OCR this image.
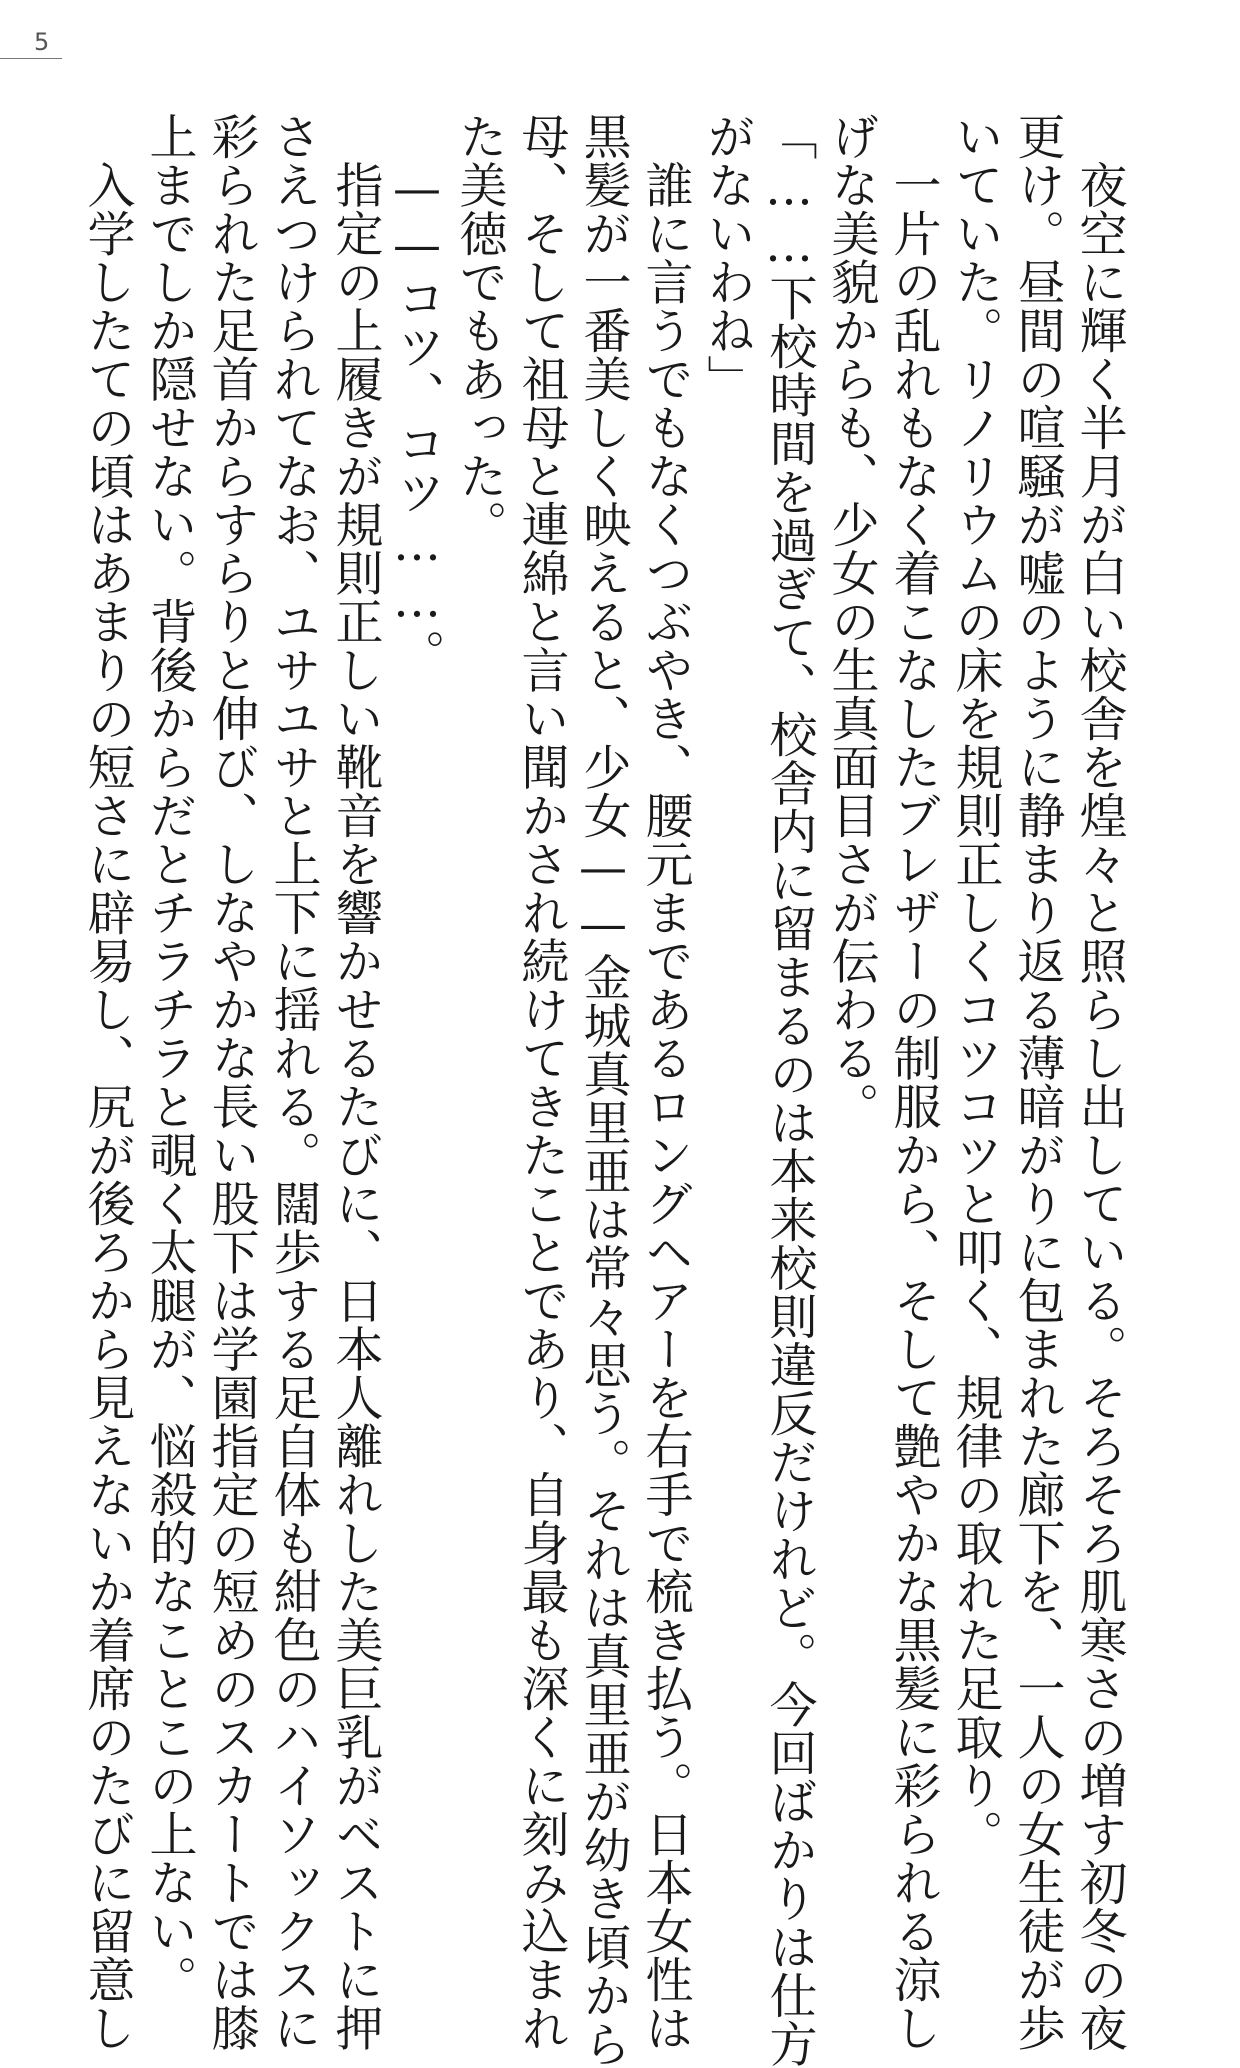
5

　夜空に輝く半月が白い校舎を煌々と照らし出している。そろそろ肌寒さの増す初冬の夜

更け。昼間の喧騒が嘘のように静まり返る薄暗がりに包まれた廊下を、一人の女生徒が歩

いていた。リノリウムの床を規則正しくコツコツと叩く、規律の取れた足取り。

　一片の乱れもなく着こなしたブレザーの制服から、そして艶やかな黒髪に彩られる涼し

げな美貌からも、少女の生真面目さが伝わる。

「……下校時間を過ぎて、校舎内に留まるのは本来校則違反だけれど。今回ばかりは仕方

がないわね」

　誰に言うでもなくつぶやき、腰元まであるロングヘアーを右手で梳き払う。日本女性は

黒髪が一番美しく映えると、少女——金城真里亜は常々思う。それは真里亜が幼き頃から

母、そして祖母と連綿と言い聞かされ続けてきたことであり、自身最も深くに刻み込まれ

た美徳でもあった。

　——コツ、コツ……。

　指定の上履きが規則正しい靴音を響かせるたびに、日本人離れした美巨乳がベストに押

さえつけられてなお、ユサユサと上下に揺れる。闊歩する足自体も紺色のハイソックスに

彩られた足首からすらりと伸び、しなやかな長い股下は学園指定の短めのスカートでは膝

上までしか隠せない。背後からだとチラチラと覗く太腿が、悩殺的なことこの上ない。

　入学したての頃はあまりの短さに辟易し、尻が後ろから見えないか着席のたびに留意し
